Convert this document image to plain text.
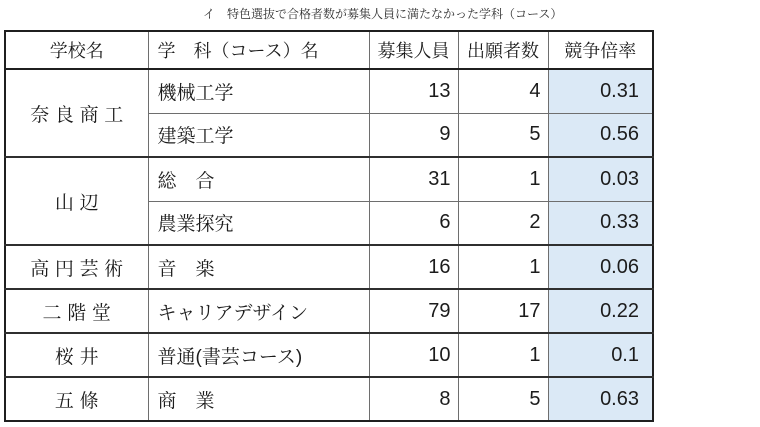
イ　特色選抜で合格者数が募集人員に満たなかった学科（コース）
学校名	学　科（コース）名	募集人員	出願者数	競争倍率
奈良商工	機械工学	13	4	0.31
	建築工学	9	5	0.56
山辺	総　合	31	1	0.03
	農業探究	6	2	0.33
高円芸術	音　楽	16	1	0.06
二階堂	キャリアデザイン	79	17	0.22
桜井	普通(書芸コース)	10	1	0.1
五條	商　業	8	5	0.63
